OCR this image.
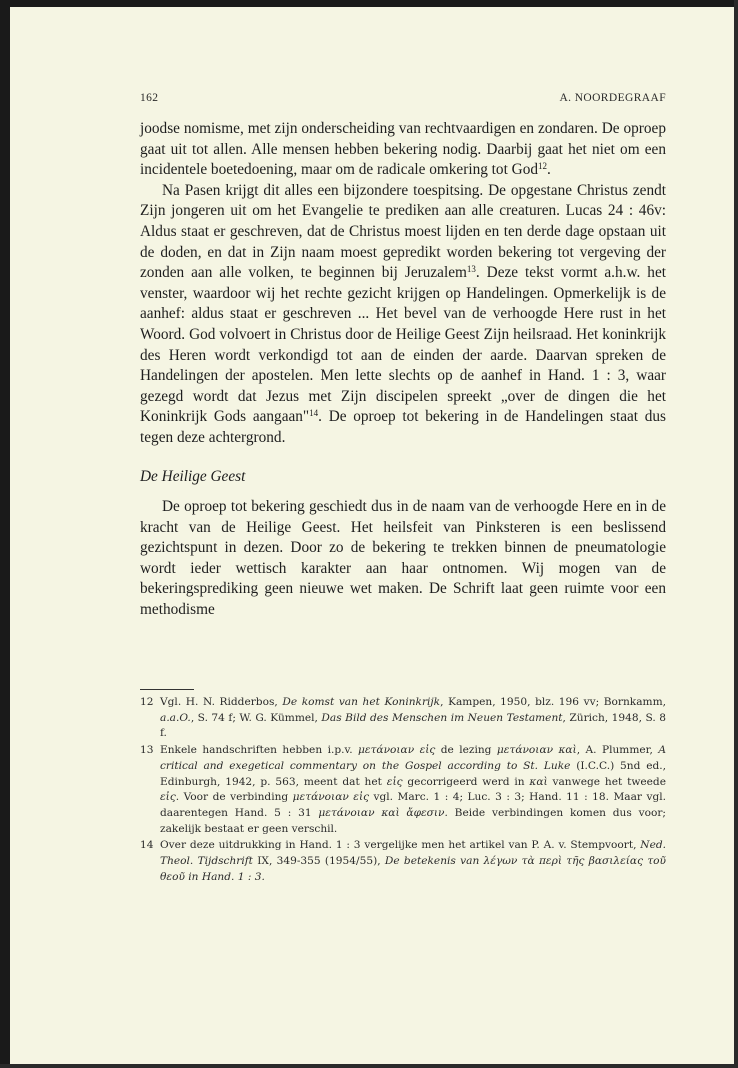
162	A. NOORDEGRAAF

joodse nomisme, met zijn onderscheiding van rechtvaardigen en zondaren. De oproep gaat uit tot allen. Alle mensen hebben bekering nodig. Daarbij gaat het niet om een incidentele boetedoening, maar om de radicale omkering tot God$^{12}$.

Na Pasen krijgt dit alles een bijzondere toespitsing. De opgestane Christus zendt Zijn jongeren uit om het Evangelie te prediken aan alle creaturen. Lucas 24 : 46v: Aldus staat er geschreven, dat de Christus moest lijden en ten derde dage opstaan uit de doden, en dat in Zijn naam moest gepredikt worden bekering tot vergeving der zonden aan alle volken, te beginnen bij Jeruzalem$^{13}$. Deze tekst vormt a.h.w. het venster, waardoor wij het rechte gezicht krijgen op Handelingen. Opmerkelijk is de aanhef: aldus staat er geschreven ... Het bevel van de verhoogde Here rust in het Woord. God volvoert in Christus door de Heilige Geest Zijn heilsraad. Het koninkrijk des Heren wordt verkondigd tot aan de einden der aarde. Daarvan spreken de Handelingen der apostelen. Men lette slechts op de aanhef in Hand. 1 : 3, waar gezegd wordt dat Jezus met Zijn discipelen spreekt „over de dingen die het Koninkrijk Gods aangaan"$^{14}$. De oproep tot bekering in de Handelingen staat dus tegen deze achtergrond.

De Heilige Geest

De oproep tot bekering geschiedt dus in de naam van de verhoogde Here en in de kracht van de Heilige Geest. Het heilsfeit van Pinksteren is een beslissend gezichtspunt in dezen. Door zo de bekering te trekken binnen de pneumatologie wordt ieder wettisch karakter aan haar ontnomen. Wij mogen van de bekeringsprediking geen nieuwe wet maken. De Schrift laat geen ruimte voor een methodisme

12 Vgl. H. N. Ridderbos, De komst van het Koninkrijk, Kampen, 1950, blz. 196 vv; Bornkamm, a.a.O., S. 74 f; W. G. Kümmel, Das Bild des Menschen im Neuen Testament, Zürich, 1948, S. 8 f.
13 Enkele handschriften hebben i.p.v. μετάνοιαν εἰς de lezing μετάνοιαν καὶ, A. Plummer, A critical and exegetical commentary on the Gospel according to St. Luke (I.C.C.) 5nd ed., Edinburgh, 1942, p. 563, meent dat het εἰς gecorrigeerd werd in καὶ vanwege het tweede εἰς. Voor de verbinding μετάνοιαν εἰς vgl. Marc. 1 : 4; Luc. 3 : 3; Hand. 11 : 18. Maar vgl. daarentegen Hand. 5 : 31 μετάνοιαν καὶ ἄφεσιν. Beide verbindingen komen dus voor; zakelijk bestaat er geen verschil.
14 Over deze uitdrukking in Hand. 1 : 3 vergelijke men het artikel van P. A. v. Stempvoort, Ned. Theol. Tijdschrift IX, 349-355 (1954/55), De betekenis van λέγων τὰ περὶ τῆς βασιλείας τοῦ θεοῦ in Hand. 1 : 3.
